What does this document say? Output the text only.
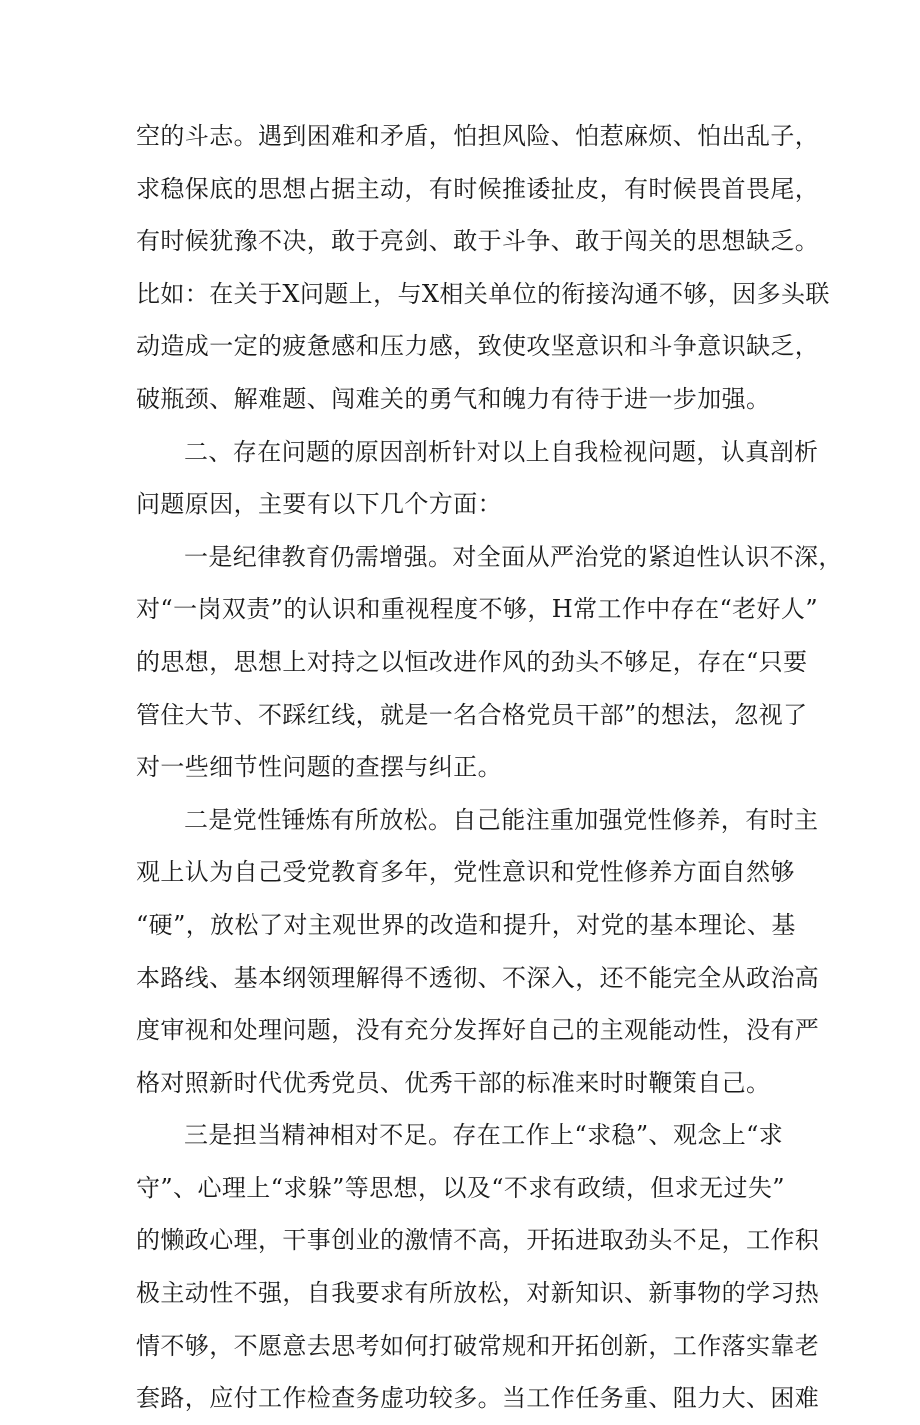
空的斗志。遇到困难和矛盾，怕担风险、怕惹麻烦、怕出乱子，
求稳保底的思想占据主动，有时候推诿扯皮，有时候畏首畏尾，
有时候犹豫不决，敢于亮剑、敢于斗争、敢于闯关的思想缺乏。
比如：在关于X问题上，与X相关单位的衔接沟通不够，因多头联
动造成一定的疲惫感和压力感，致使攻坚意识和斗争意识缺乏，
破瓶颈、解难题、闯难关的勇气和魄力有待于进一步加强。
二、存在问题的原因剖析针对以上自我检视问题，认真剖析
问题原因，主要有以下几个方面：
一是纪律教育仍需增强。对全面从严治党的紧迫性认识不深，
对“一岗双责”的认识和重视程度不够，H常工作中存在“老好人”
的思想，思想上对持之以恒改进作风的劲头不够足，存在“只要
管住大节、不踩红线，就是一名合格党员干部”的想法，忽视了
对一些细节性问题的查摆与纠正。
二是党性锤炼有所放松。自己能注重加强党性修养，有时主
观上认为自己受党教育多年，党性意识和党性修养方面自然够
“硬”，放松了对主观世界的改造和提升，对党的基本理论、基
本路线、基本纲领理解得不透彻、不深入，还不能完全从政治高
度审视和处理问题，没有充分发挥好自己的主观能动性，没有严
格对照新时代优秀党员、优秀干部的标准来时时鞭策自己。
三是担当精神相对不足。存在工作上“求稳”、观念上“求
守”、心理上“求躲”等思想，以及“不求有政绩，但求无过失”
的懒政心理，干事创业的激情不高，开拓进取劲头不足，工作积
极主动性不强，自我要求有所放松，对新知识、新事物的学习热
情不够，不愿意去思考如何打破常规和开拓创新，工作落实靠老
套路，应付工作检查务虚功较多。当工作任务重、阻力大、困难
